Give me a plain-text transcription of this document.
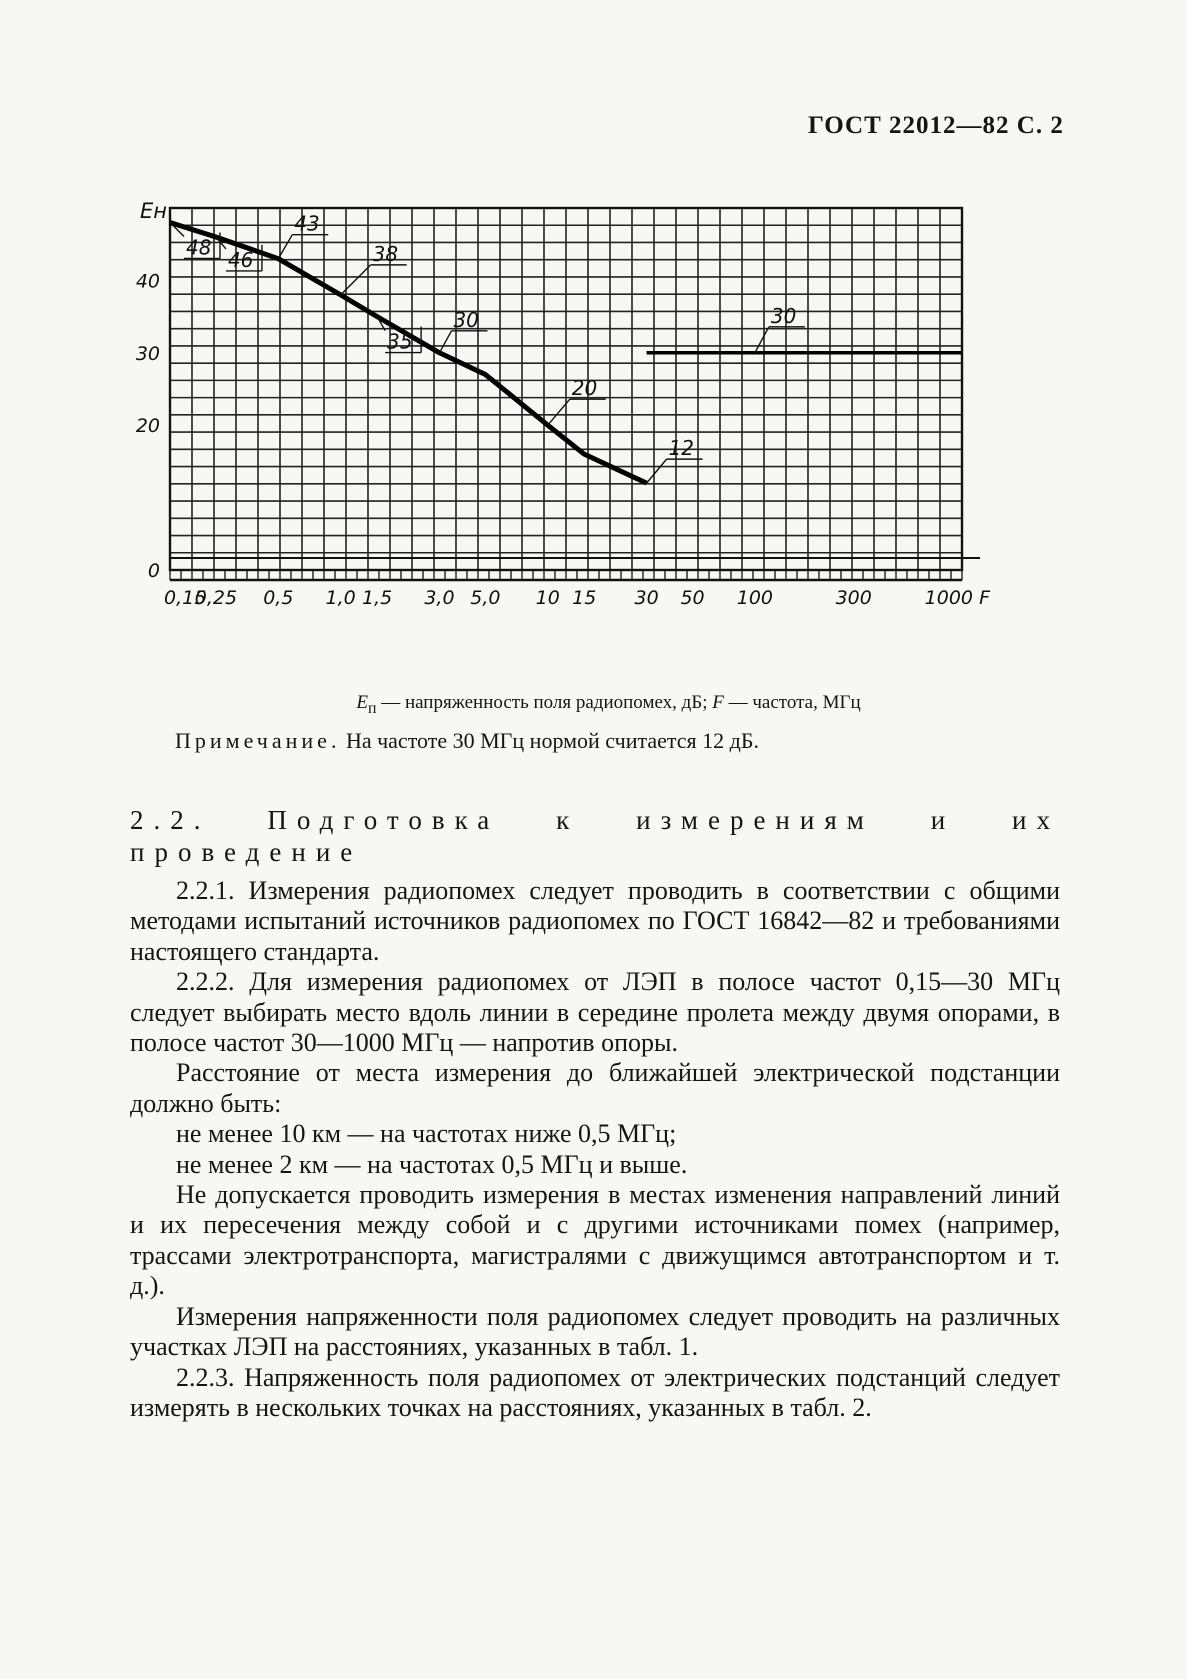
ГОСТ 22012—82 С. 2
0,15
0,25 0,5 1,0 1,5 3,0 5,0 10 15 30 50 100	300	1000 F
0
20
30
40
Eн
48
46
43
38
35
30
20
12
30
$E_п$ — напряженность поля радиопомех, дБ; F — частота, МГц
Примечание. На частоте 30 МГц нормой считается 12 дБ.
2.2. Подготовка к измерениям и их проведение

2.2.1. Измерения радиопомех следует проводить в соответствии с общими методами испытаний источников радиопомех по ГОСТ 16842—82 и требованиями настоящего стандарта.

2.2.2. Для измерения радиопомех от ЛЭП в полосе частот 0,15—30 МГц следует выбирать место вдоль линии в середине пролета между двумя опорами, в полосе частот 30—1000 МГц — напротив опоры.

Расстояние от места измерения до ближайшей электрической подстанции должно быть:

не менее 10 км — на частотах ниже 0,5 МГц;

не менее 2 км — на частотах 0,5 МГц и выше.

Не допускается проводить измерения в местах изменения направлений линий и их пересечения между собой и с другими источниками помех (например, трассами электротранспорта, магистралями с движущимся автотранспортом и т. д.).

Измерения напряженности поля радиопомех следует проводить на различных участках ЛЭП на расстояниях, указанных в табл. 1.

2.2.3. Напряженность поля радиопомех от электрических подстанций следует измерять в нескольких точках на расстояниях, указанных в табл. 2.
